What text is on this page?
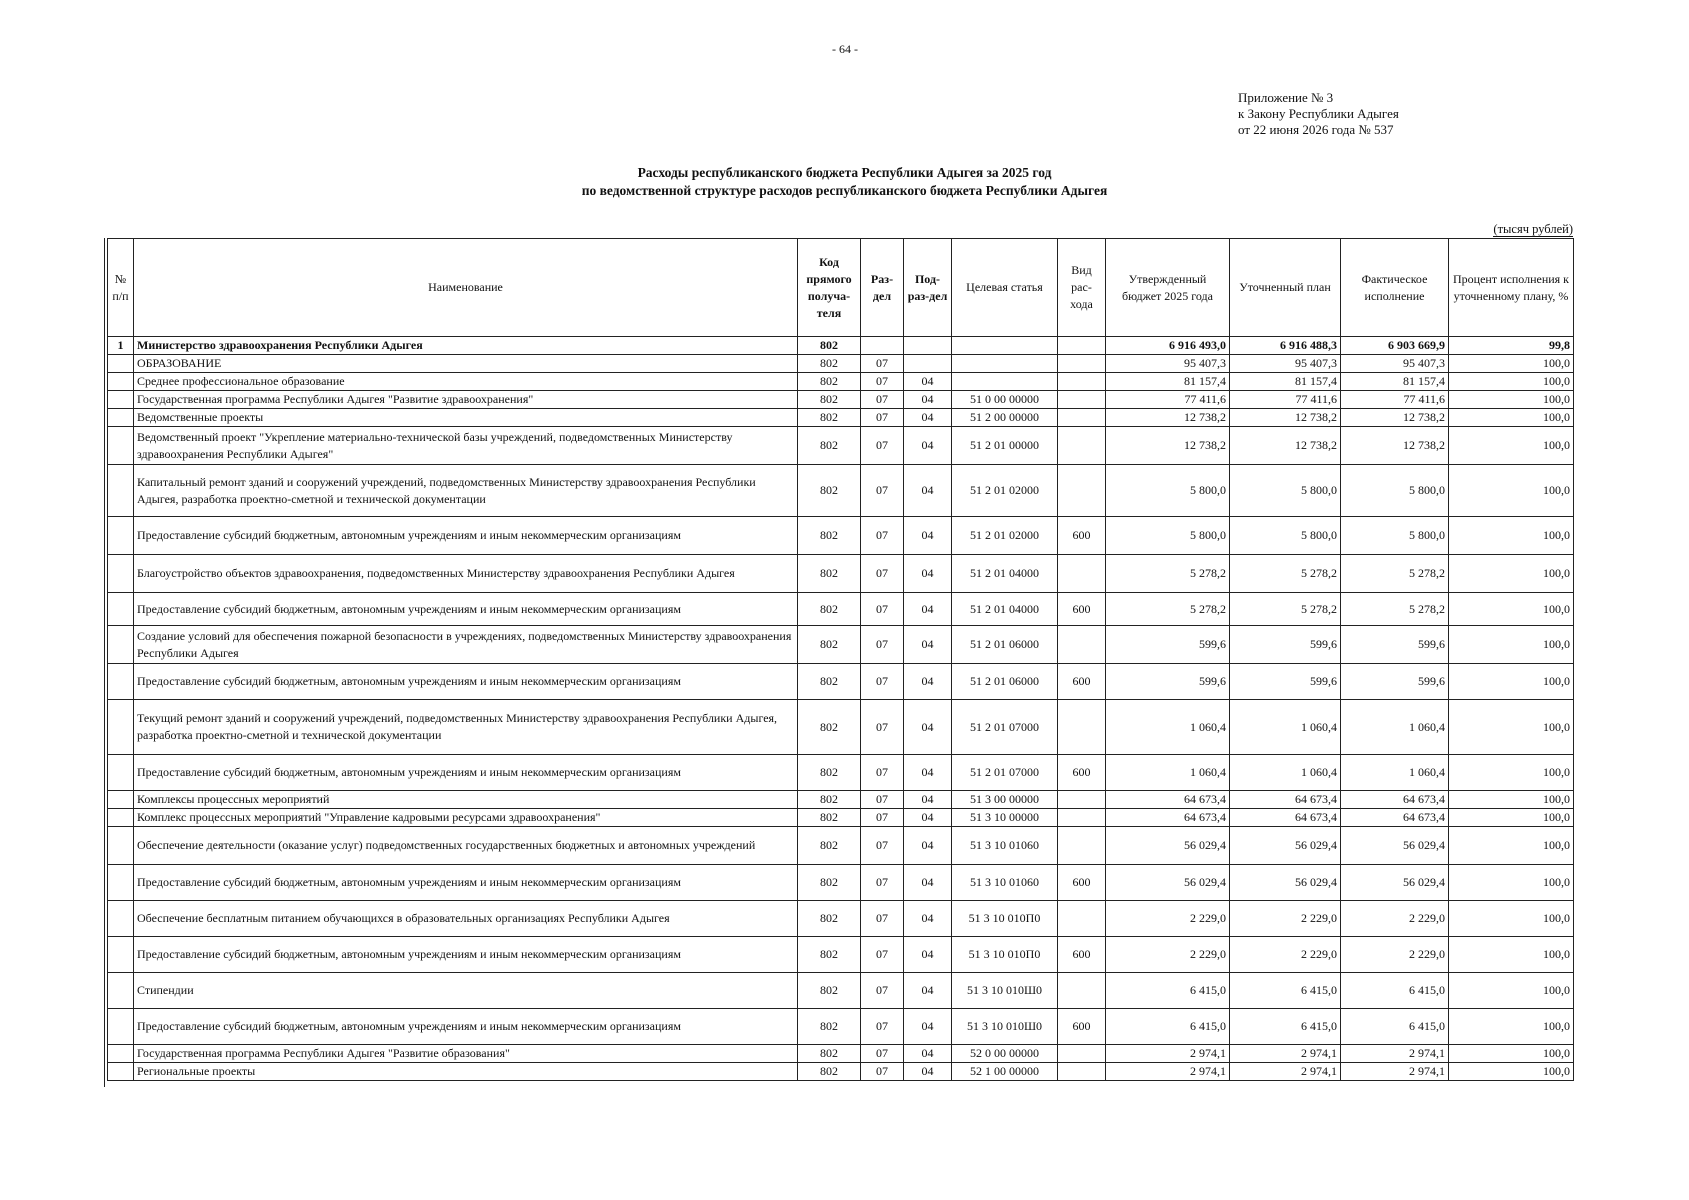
- 64 -
Приложение № 3
к Закону Республики Адыгея
от 22 июня 2026 года № 537
Расходы республиканского бюджета Республики Адыгея за 2025 год
по ведомственной структуре расходов республиканского бюджета Республики Адыгея
(тысяч рублей)
№ п/п	Наименование	Код прямого получа-теля	Раз-дел	Под-раз-дел	Целевая статья	Вид рас-хода	Утвержденный бюджет 2025 года	Уточненный план	Фактическое исполнение	Процент исполнения к уточненному плану, %
1	Министерство здравоохранения Республики Адыгея	802					6 916 493,0	6 916 488,3	6 903 669,9	99,8
	ОБРАЗОВАНИЕ	802	07				95 407,3	95 407,3	95 407,3	100,0
	Среднее профессиональное образование	802	07	04			81 157,4	81 157,4	81 157,4	100,0
	Государственная программа Республики Адыгея "Развитие здравоохранения"	802	07	04	51 0 00 00000		77 411,6	77 411,6	77 411,6	100,0
	Ведомственные проекты	802	07	04	51 2 00 00000		12 738,2	12 738,2	12 738,2	100,0
	Ведомственный проект "Укрепление материально-технической базы учреждений, подведомственных Министерству здравоохранения Республики Адыгея"	802	07	04	51 2 01 00000		12 738,2	12 738,2	12 738,2	100,0
	Капитальный ремонт зданий и сооружений учреждений, подведомственных Министерству здравоохранения Республики Адыгея, разработка проектно-сметной и технической документации	802	07	04	51 2 01 02000		5 800,0	5 800,0	5 800,0	100,0
	Предоставление субсидий бюджетным, автономным учреждениям и иным некоммерческим организациям	802	07	04	51 2 01 02000	600	5 800,0	5 800,0	5 800,0	100,0
	Благоустройство объектов здравоохранения, подведомственных Министерству здравоохранения Республики Адыгея	802	07	04	51 2 01 04000		5 278,2	5 278,2	5 278,2	100,0
	Предоставление субсидий бюджетным, автономным учреждениям и иным некоммерческим организациям	802	07	04	51 2 01 04000	600	5 278,2	5 278,2	5 278,2	100,0
	Создание условий для обеспечения пожарной безопасности в учреждениях, подведомственных Министерству здравоохранения Республики Адыгея	802	07	04	51 2 01 06000		599,6	599,6	599,6	100,0
	Предоставление субсидий бюджетным, автономным учреждениям и иным некоммерческим организациям	802	07	04	51 2 01 06000	600	599,6	599,6	599,6	100,0
	Текущий ремонт зданий и сооружений учреждений, подведомственных Министерству здравоохранения Республики Адыгея, разработка проектно-сметной и технической документации	802	07	04	51 2 01 07000		1 060,4	1 060,4	1 060,4	100,0
	Предоставление субсидий бюджетным, автономным учреждениям и иным некоммерческим организациям	802	07	04	51 2 01 07000	600	1 060,4	1 060,4	1 060,4	100,0
	Комплексы процессных мероприятий	802	07	04	51 3 00 00000		64 673,4	64 673,4	64 673,4	100,0
	Комплекс процессных мероприятий "Управление кадровыми ресурсами здравоохранения"	802	07	04	51 3 10 00000		64 673,4	64 673,4	64 673,4	100,0
	Обеспечение деятельности (оказание услуг) подведомственных государственных бюджетных и автономных учреждений	802	07	04	51 3 10 01060		56 029,4	56 029,4	56 029,4	100,0
	Предоставление субсидий бюджетным, автономным учреждениям и иным некоммерческим организациям	802	07	04	51 3 10 01060	600	56 029,4	56 029,4	56 029,4	100,0
	Обеспечение бесплатным питанием обучающихся в образовательных организациях Республики Адыгея	802	07	04	51 3 10 010П0		2 229,0	2 229,0	2 229,0	100,0
	Предоставление субсидий бюджетным, автономным учреждениям и иным некоммерческим организациям	802	07	04	51 3 10 010П0	600	2 229,0	2 229,0	2 229,0	100,0
	Стипендии	802	07	04	51 3 10 010Ш0		6 415,0	6 415,0	6 415,0	100,0
	Предоставление субсидий бюджетным, автономным учреждениям и иным некоммерческим организациям	802	07	04	51 3 10 010Ш0	600	6 415,0	6 415,0	6 415,0	100,0
	Государственная программа Республики Адыгея "Развитие образования"	802	07	04	52 0 00 00000		2 974,1	2 974,1	2 974,1	100,0
	Региональные проекты	802	07	04	52 1 00 00000		2 974,1	2 974,1	2 974,1	100,0
